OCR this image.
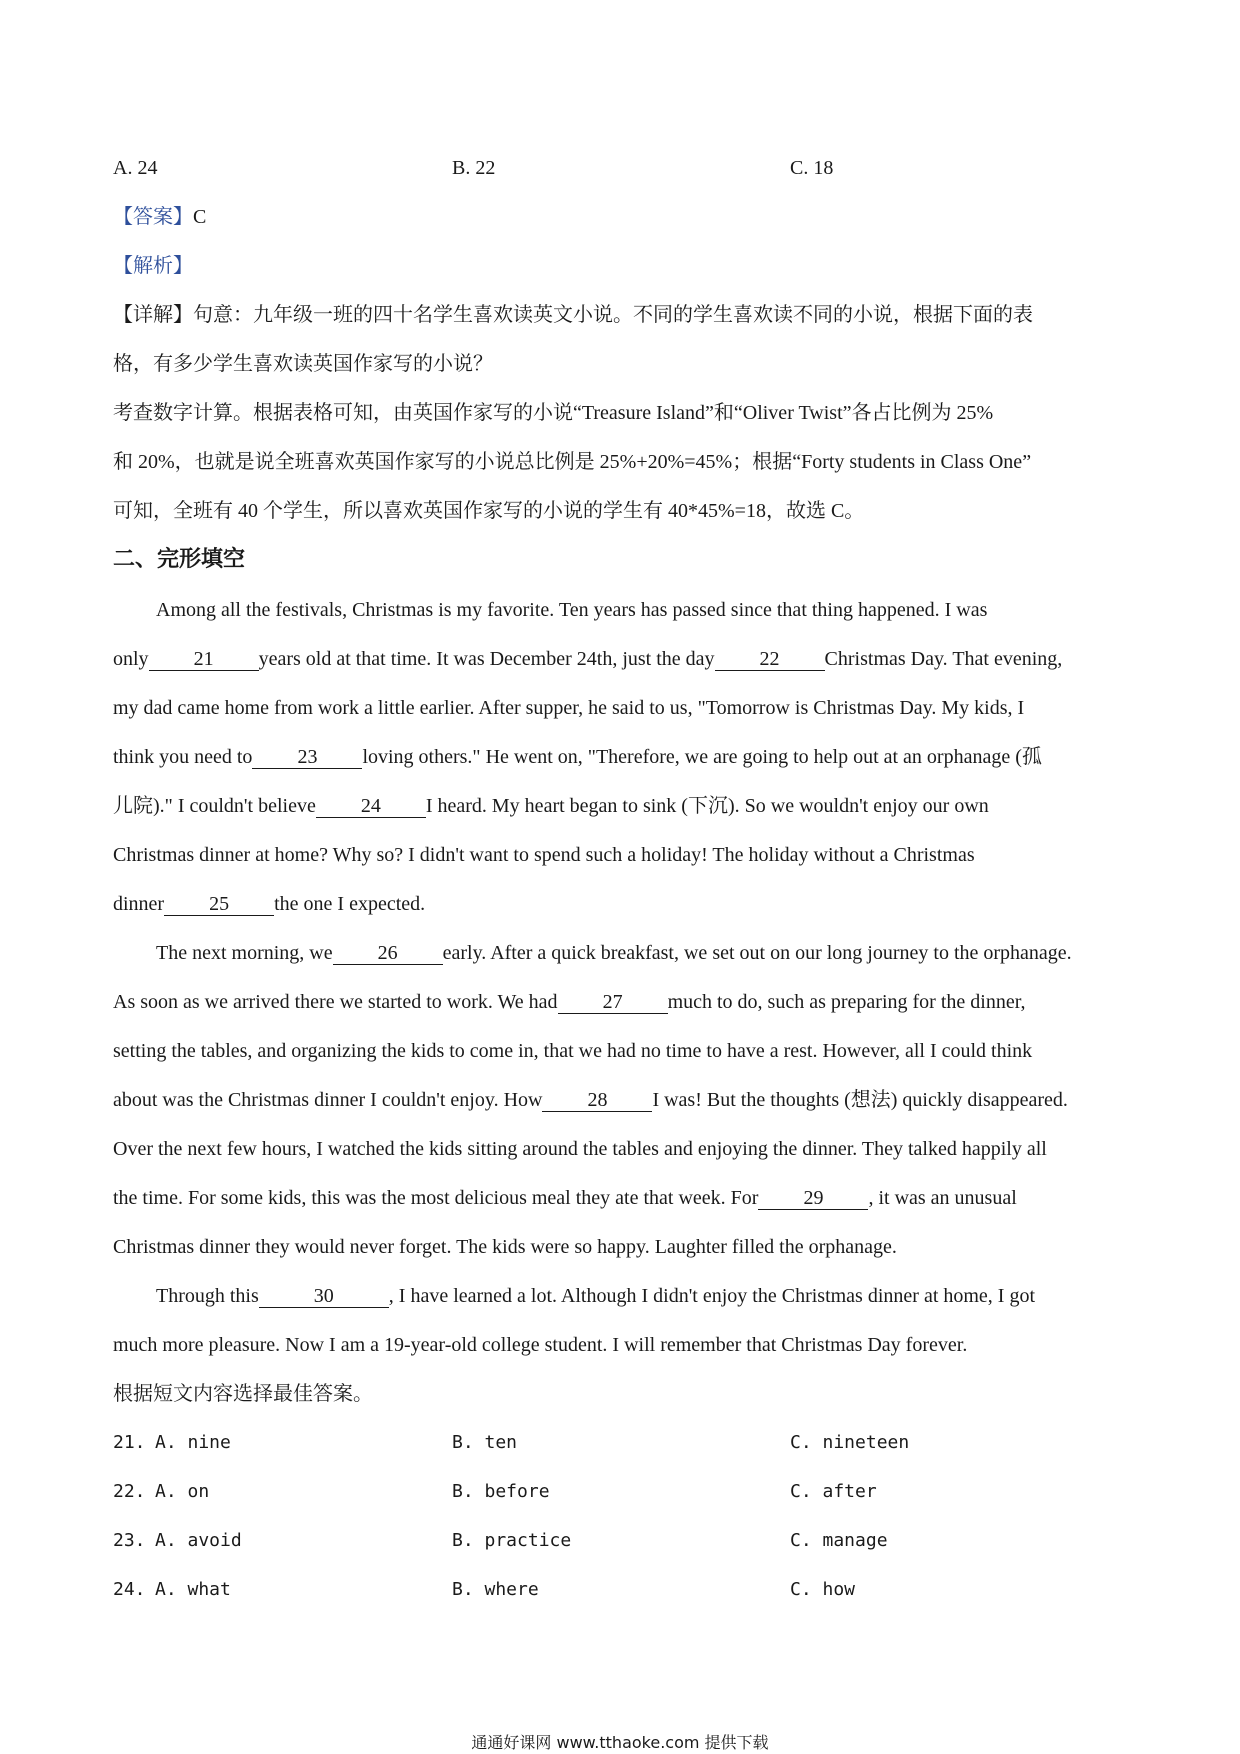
A. 24	B. 22	C. 18
【答案】C
【解析】
【详解】句意：九年级一班的四十名学生喜欢读英文小说。不同的学生喜欢读不同的小说，根据下面的表
格，有多少学生喜欢读英国作家写的小说？
考查数字计算。根据表格可知，由英国作家写的小说“Treasure Island”和“Oliver Twist”各占比例为 25%
和 20%，也就是说全班喜欢英国作家写的小说总比例是 25%+20%=45%；根据“Forty students in Class One”
可知，全班有 40 个学生，所以喜欢英国作家写的小说的学生有 40*45%=18，故选 C。
二、完形填空
Among all the festivals, Christmas is my favorite. Ten years has passed since that thing happened. I was
only 21 years old at that time. It was December 24th, just the day 22 Christmas Day. That evening,
my dad came home from work a little earlier. After supper, he said to us, "Tomorrow is Christmas Day. My kids, I
think you need to 23 loving others." He went on, "Therefore, we are going to help out at an orphanage (孤
儿院)." I couldn't believe 24 I heard. My heart began to sink (下沉). So we wouldn't enjoy our own
Christmas dinner at home? Why so? I didn't want to spend such a holiday! The holiday without a Christmas
dinner 25 the one I expected.
The next morning, we 26 early. After a quick breakfast, we set out on our long journey to the orphanage.
As soon as we arrived there we started to work. We had 27 much to do, such as preparing for the dinner,
setting the tables, and organizing the kids to come in, that we had no time to have a rest. However, all I could think
about was the Christmas dinner I couldn't enjoy. How 28 I was! But the thoughts (想法) quickly disappeared.
Over the next few hours, I watched the kids sitting around the tables and enjoying the dinner. They talked happily all
the time. For some kids, this was the most delicious meal they ate that week. For 29 , it was an unusual
Christmas dinner they would never forget. The kids were so happy. Laughter filled the orphanage.
Through this	30	, I have learned a lot. Although I didn't enjoy the Christmas dinner at home, I got
much more pleasure. Now I am a 19-year-old college student. I will remember that Christmas Day forever.
根据短文内容选择最佳答案。
21. A. nine	B. ten	C. nineteen
22. A. on	B. before	C. after
23. A. avoid	B. practice	C. manage
24. A. what	B. where	C. how
通通好课网 www.tthaoke.com 提供下载
